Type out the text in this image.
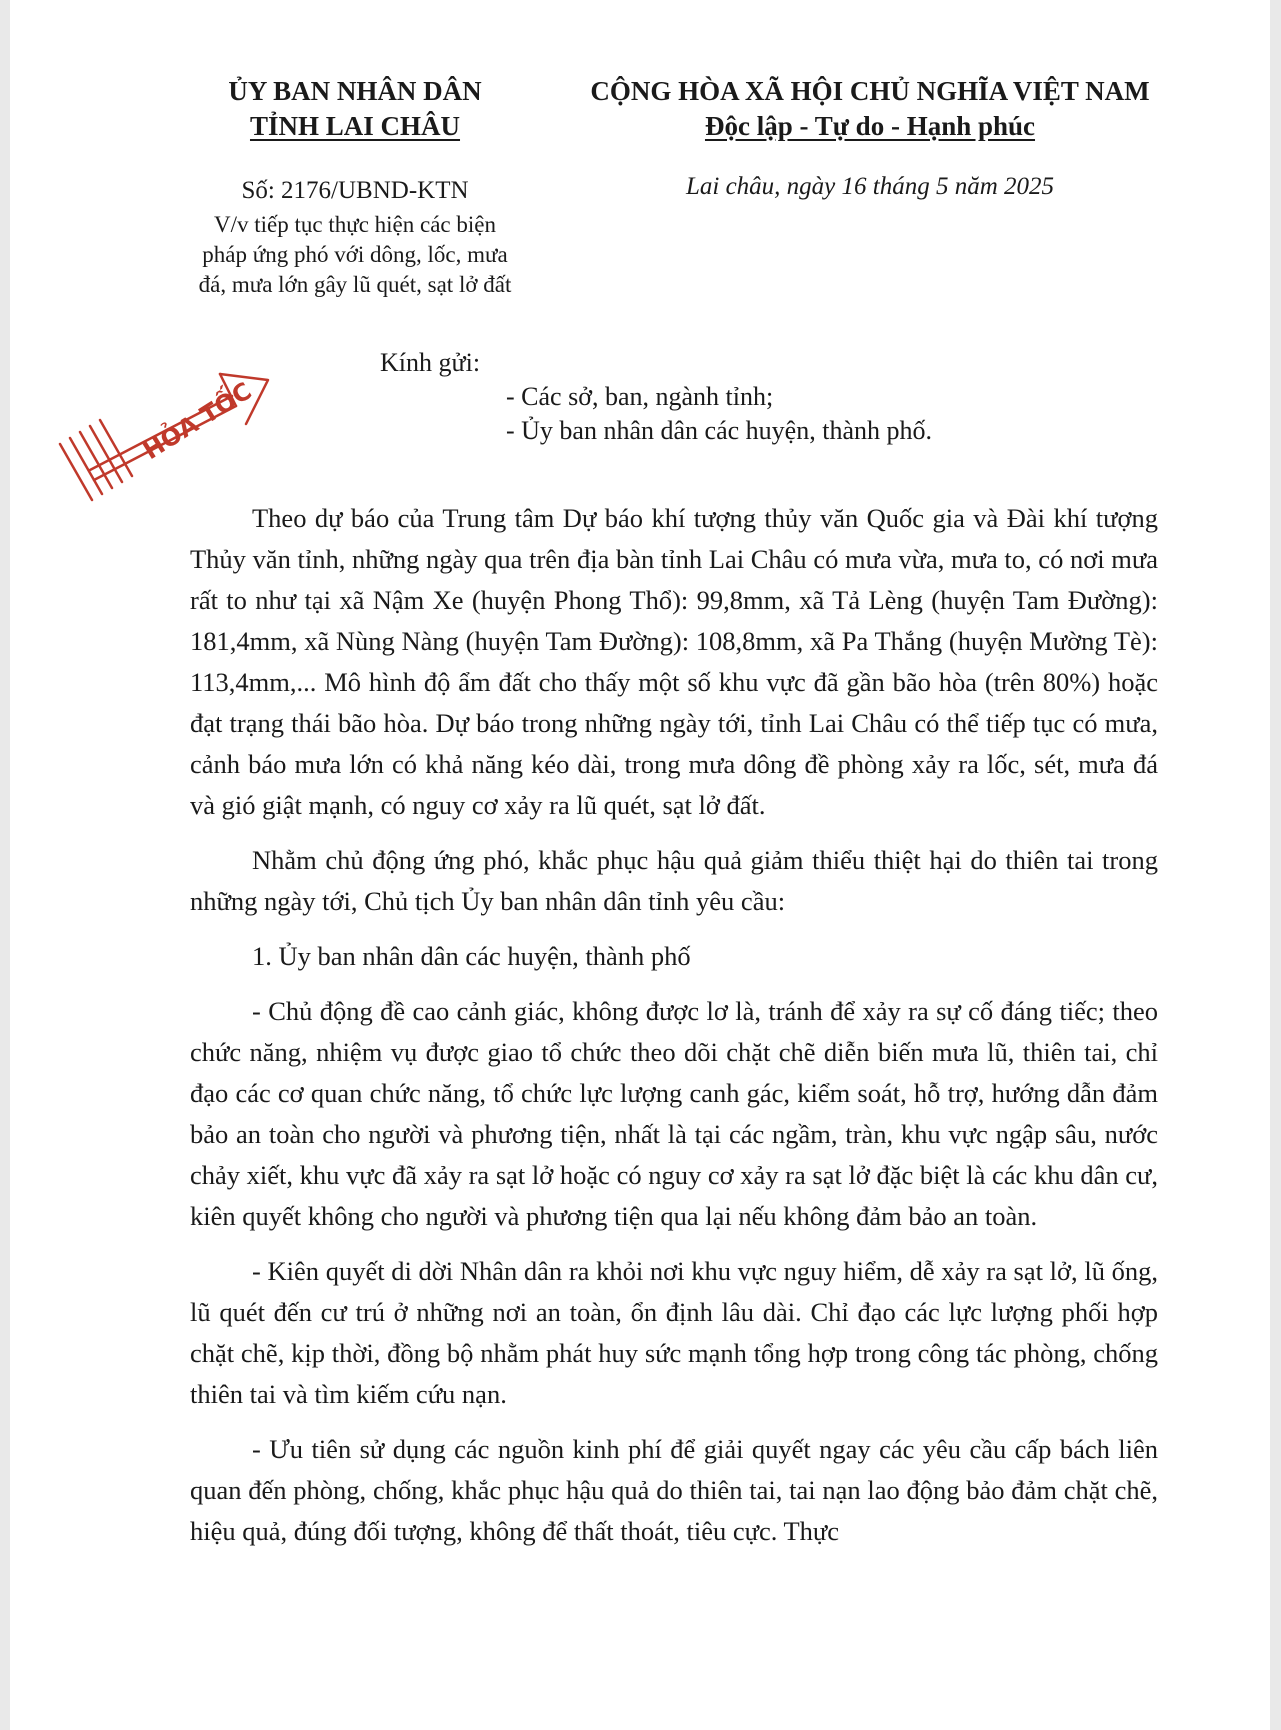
ỦY BAN NHÂN DÂN
TỈNH LAI CHÂU
CỘNG HÒA XÃ HỘI CHỦ NGHĨA VIỆT NAM
Độc lập - Tự do - Hạnh phúc
Số: 2176/UBND-KTN
V/v tiếp tục thực hiện các biện
pháp ứng phó với dông, lốc, mưa
đá, mưa lớn gây lũ quét, sạt lở đất
Lai châu, ngày 16 tháng 5 năm 2025
HỎA TỐC
Kính gửi:
- Các sở, ban, ngành tỉnh;
- Ủy ban nhân dân các huyện, thành phố.

Theo dự báo của Trung tâm Dự báo khí tượng thủy văn Quốc gia và Đài khí tượng Thủy văn tỉnh, những ngày qua trên địa bàn tỉnh Lai Châu có mưa vừa, mưa to, có nơi mưa rất to như tại xã Nậm Xe (huyện Phong Thổ): 99,8mm, xã Tả Lèng (huyện Tam Đường): 181,4mm, xã Nùng Nàng (huyện Tam Đường): 108,8mm, xã Pa Thắng (huyện Mường Tè): 113,4mm,... Mô hình độ ẩm đất cho thấy một số khu vực đã gần bão hòa (trên 80%) hoặc đạt trạng thái bão hòa. Dự báo trong những ngày tới, tỉnh Lai Châu có thể tiếp tục có mưa, cảnh báo mưa lớn có khả năng kéo dài, trong mưa dông đề phòng xảy ra lốc, sét, mưa đá và gió giật mạnh, có nguy cơ xảy ra lũ quét, sạt lở đất.

Nhằm chủ động ứng phó, khắc phục hậu quả giảm thiểu thiệt hại do thiên tai trong những ngày tới, Chủ tịch Ủy ban nhân dân tỉnh yêu cầu:

1. Ủy ban nhân dân các huyện, thành phố

- Chủ động đề cao cảnh giác, không được lơ là, tránh để xảy ra sự cố đáng tiếc; theo chức năng, nhiệm vụ được giao tổ chức theo dõi chặt chẽ diễn biến mưa lũ, thiên tai, chỉ đạo các cơ quan chức năng, tổ chức lực lượng canh gác, kiểm soát, hỗ trợ, hướng dẫn đảm bảo an toàn cho người và phương tiện, nhất là tại các ngầm, tràn, khu vực ngập sâu, nước chảy xiết, khu vực đã xảy ra sạt lở hoặc có nguy cơ xảy ra sạt lở đặc biệt là các khu dân cư, kiên quyết không cho người và phương tiện qua lại nếu không đảm bảo an toàn.

- Kiên quyết di dời Nhân dân ra khỏi nơi khu vực nguy hiểm, dễ xảy ra sạt lở, lũ ống, lũ quét đến cư trú ở những nơi an toàn, ổn định lâu dài. Chỉ đạo các lực lượng phối hợp chặt chẽ, kịp thời, đồng bộ nhằm phát huy sức mạnh tổng hợp trong công tác phòng, chống thiên tai và tìm kiếm cứu nạn.

- Ưu tiên sử dụng các nguồn kinh phí để giải quyết ngay các yêu cầu cấp bách liên quan đến phòng, chống, khắc phục hậu quả do thiên tai, tai nạn lao động bảo đảm chặt chẽ, hiệu quả, đúng đối tượng, không để thất thoát, tiêu cực. Thực
